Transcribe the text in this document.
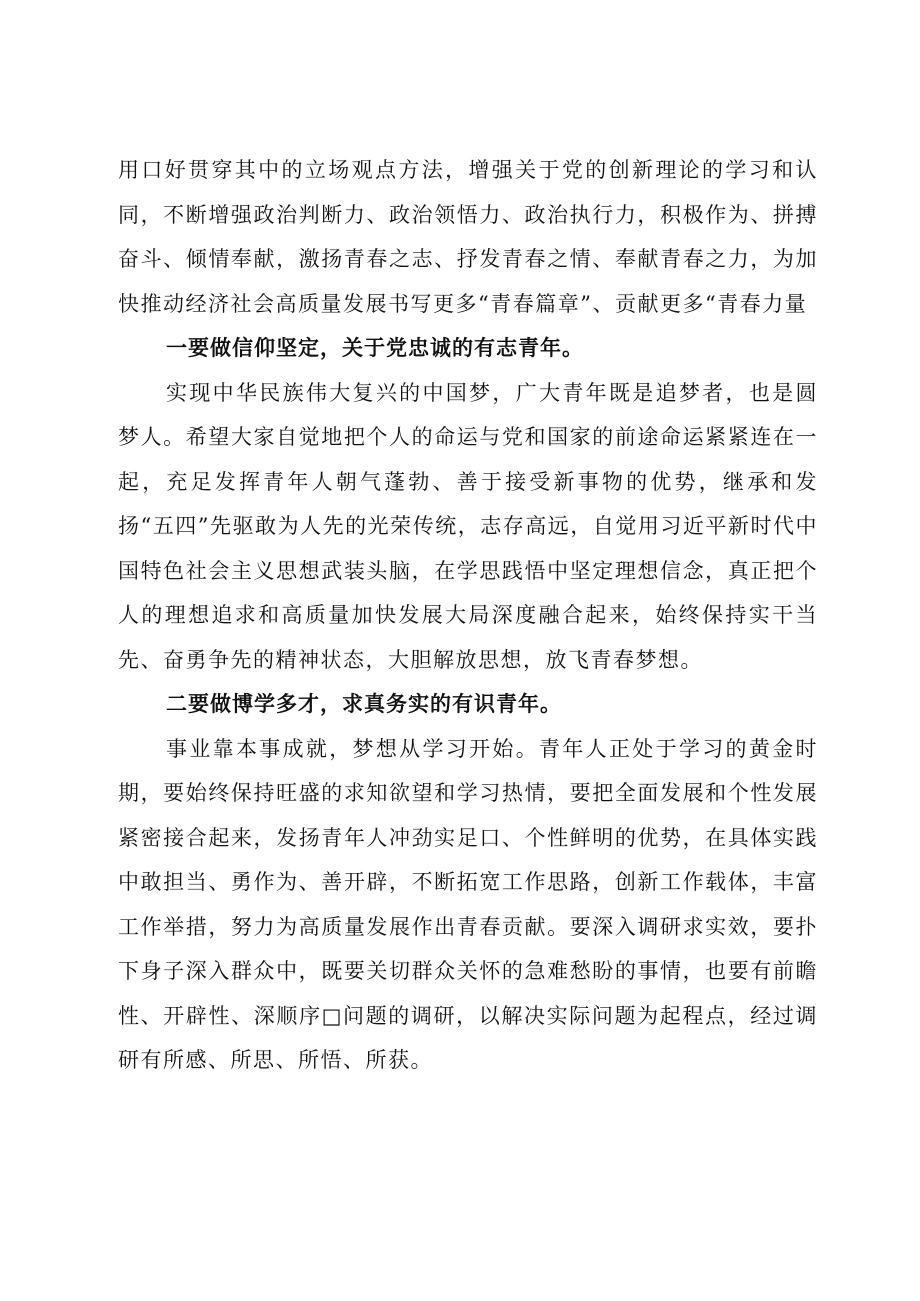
用口好贯穿其中的立场观点方法，增强关于党的创新理论的学习和认同，不断增强政治判断力、政治领悟力、政治执行力，积极作为、拼搏奋斗、倾情奉献，激扬青春之志、抒发青春之情、奉献青春之力，为加快推动经济社会高质量发展书写更多“青春篇章”、贡献更多“青春力量

一要做信仰坚定，关于党忠诚的有志青年。

实现中华民族伟大复兴的中国梦，广大青年既是追梦者，也是圆梦人。希望大家自觉地把个人的命运与党和国家的前途命运紧紧连在一起，充足发挥青年人朝气蓬勃、善于接受新事物的优势，继承和发扬“五四”先驱敢为人先的光荣传统，志存高远，自觉用习近平新时代中国特色社会主义思想武装头脑，在学思践悟中坚定理想信念，真正把个人的理想追求和高质量加快发展大局深度融合起来，始终保持实干当先、奋勇争先的精神状态，大胆解放思想，放飞青春梦想。

二要做博学多才，求真务实的有识青年。

事业靠本事成就，梦想从学习开始。青年人正处于学习的黄金时期，要始终保持旺盛的求知欲望和学习热情，要把全面发展和个性发展紧密接合起来，发扬青年人冲劲实足口、个性鲜明的优势，在具体实践中敢担当、勇作为、善开辟，不断拓宽工作思路，创新工作载体，丰富工作举措，努力为高质量发展作出青春贡献。要深入调研求实效，要扑下身子深入群众中，既要关切群众关怀的急难愁盼的事情，也要有前瞻性、开辟性、深顺序□问题的调研，以解决实际问题为起程点，经过调研有所感、所思、所悟、所获。
